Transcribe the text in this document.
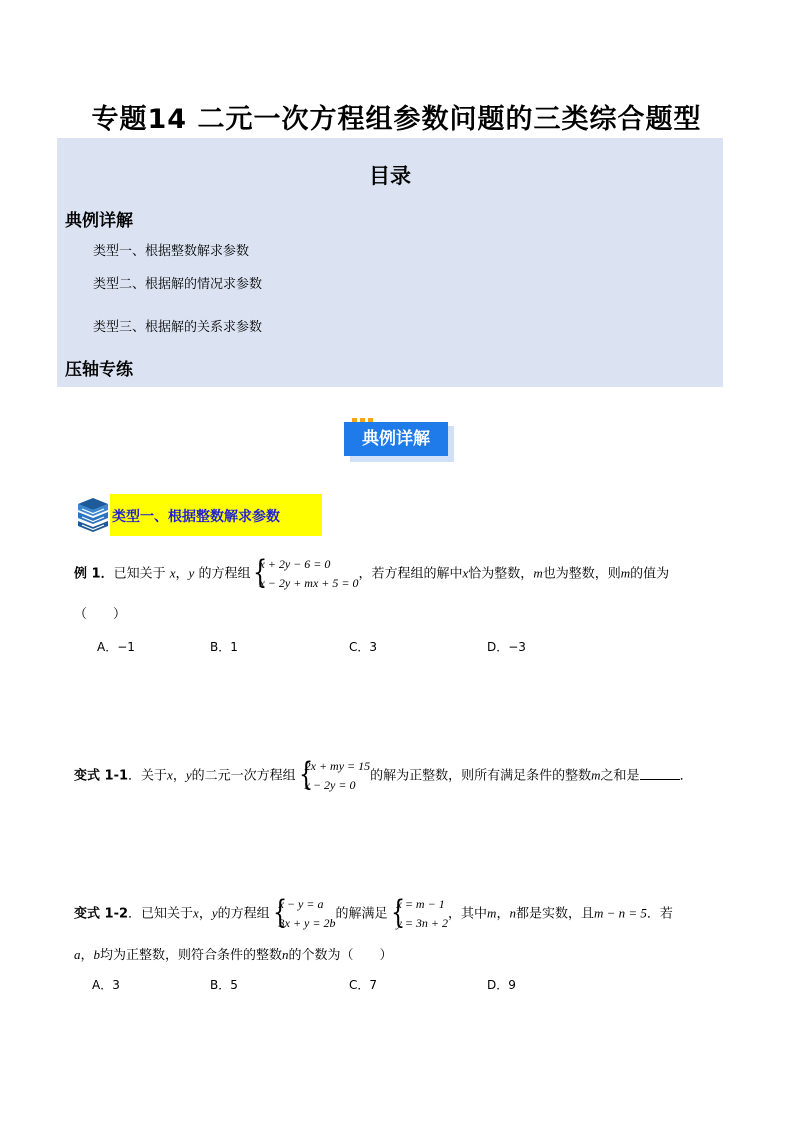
专题14 二元一次方程组参数问题的三类综合题型
目录
典例详解
类型一、根据整数解求参数
类型二、根据解的情况求参数
类型三、根据解的关系求参数
压轴专练
典例详解
类型一、根据整数解求参数
例 1．已知关于 x，y 的方程组 {
x + 2y − 6 = 0
x − 2y + mx + 5 = 0
，若方程组的解中x恰为整数，m也为整数，则m的值为
（　　）
A．−1	B．1	C．3	D．−3
变式 1-1．关于x，y的二元一次方程组 {
2x + my = 15
x − 2y = 0
的解为正整数，则所有满足条件的整数m之和是	．
变式 1-2．已知关于x，y的方程组 {
x − y = a
3x + y = 2b
的解满足 {
x = m − 1
y = 3n + 2
，其中m，n都是实数，且m − n = 5．若
a，b均为正整数，则符合条件的整数n的个数为（　　）
A．3	B．5	C．7	D．9
